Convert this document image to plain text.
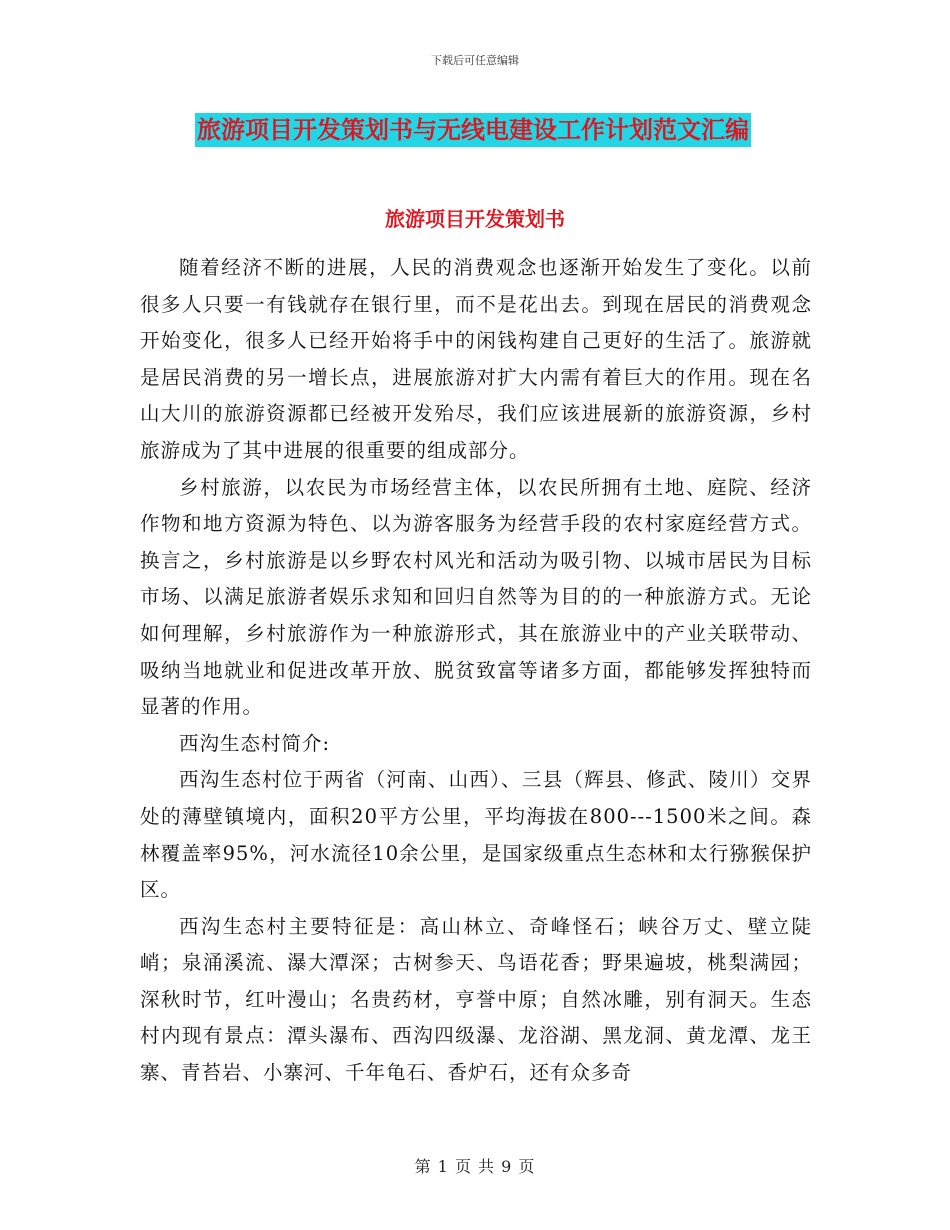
下载后可任意编辑
旅游项目开发策划书与无线电建设工作计划范文汇编
旅游项目开发策划书

随着经济不断的进展，人民的消费观念也逐渐开始发生了变化。以前很多人只要一有钱就存在银行里，而不是花出去。到现在居民的消费观念开始变化，很多人已经开始将手中的闲钱构建自己更好的生活了。旅游就是居民消费的另一增长点，进展旅游对扩大内需有着巨大的作用。现在名山大川的旅游资源都已经被开发殆尽，我们应该进展新的旅游资源，乡村旅游成为了其中进展的很重要的组成部分。

乡村旅游，以农民为市场经营主体，以农民所拥有土地、庭院、经济作物和地方资源为特色、以为游客服务为经营手段的农村家庭经营方式。换言之，乡村旅游是以乡野农村风光和活动为吸引物、以城市居民为目标市场、以满足旅游者娱乐求知和回归自然等为目的的一种旅游方式。无论如何理解，乡村旅游作为一种旅游形式，其在旅游业中的产业关联带动、吸纳当地就业和促进改革开放、脱贫致富等诸多方面，都能够发挥独特而显著的作用。

西沟生态村简介:

西沟生态村位于两省（河南、山西）、三县（辉县、修武、陵川）交界处的薄壁镇境内，面积20平方公里，平均海拔在800---1500米之间。森林覆盖率95%，河水流径10余公里，是国家级重点生态林和太行猕猴保护区。

西沟生态村主要特征是：高山林立、奇峰怪石；峡谷万丈、壁立陡峭；泉涌溪流、瀑大潭深；古树参天、鸟语花香；野果遍坡，桃梨满园；深秋时节，红叶漫山；名贵药材，亨誉中原；自然冰雕，别有洞天。生态村内现有景点：潭头瀑布、西沟四级瀑、龙浴湖、黑龙洞、黄龙潭、龙王寨、青苔岩、小寨河、千年龟石、香炉石，还有众多奇

第 1 页 共 9 页
